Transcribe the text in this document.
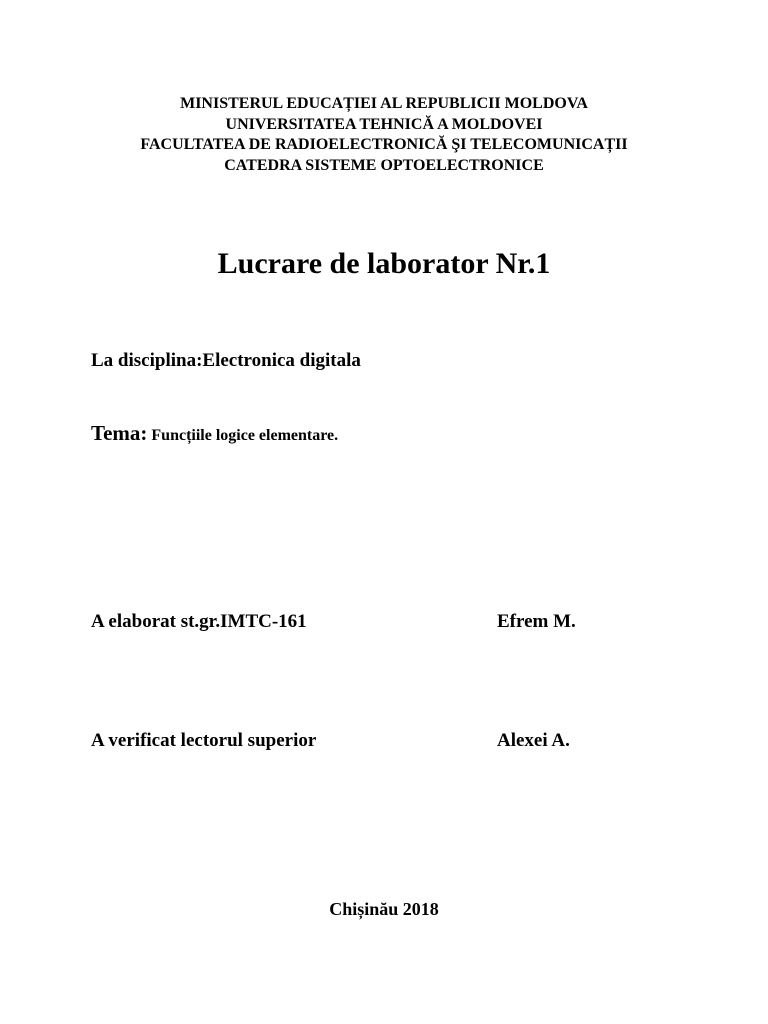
MINISTERUL EDUCAȚIEI AL REPUBLICII MOLDOVA
UNIVERSITATEA TEHNICĂ A MOLDOVEI
FACULTATEA DE RADIOELECTRONICĂ ŞI TELECOMUNICAȚII
CATEDRA SISTEME OPTOELECTRONICE
Lucrare de laborator Nr.1
La disciplina:Electronica digitala
Tema: Funcțiile logice elementare.
A elaborat st.gr.IMTC-161	Efrem M.
A verificat lectorul superior	Alexei A.
Chișinău 2018
